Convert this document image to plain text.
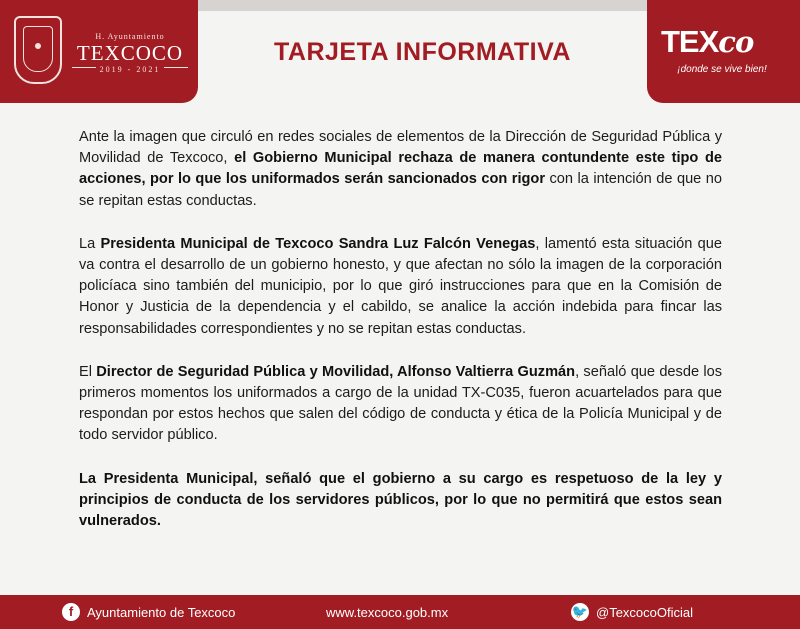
H. Ayuntamiento
TEXCOCO
2019 - 2021
TARJETA INFORMATIVA	TEXco
¡donde se vive bien!

Ante la imagen que circuló en redes sociales de elementos de la Dirección de Seguridad Pública y Movilidad de Texcoco, el Gobierno Municipal rechaza de manera contundente este tipo de acciones, por lo que los uniformados serán sancionados con rigor con la intención de que no se repitan estas conductas.

La Presidenta Municipal de Texcoco Sandra Luz Falcón Venegas, lamentó esta situación que va contra el desarrollo de un gobierno honesto, y que afectan no sólo la imagen de la corporación policíaca sino también del municipio, por lo que giró instrucciones para que en la Comisión de Honor y Justicia de la dependencia y el cabildo, se analice la acción indebida para fincar las responsabilidades correspondientes y no se repitan estas conductas.

El Director de Seguridad Pública y Movilidad, Alfonso Valtierra Guzmán, señaló que desde los primeros momentos los uniformados a cargo de la unidad TX-C035, fueron acuartelados para que respondan por estos hechos que salen del código de conducta y ética de la Policía Municipal y de todo servidor público.

La Presidenta Municipal, señaló que el gobierno a su cargo es respetuoso de la ley y principios de conducta de los servidores públicos, por lo que no permitirá que estos sean vulnerados.

f	Ayuntamiento de Texcoco	www.texcoco.gob.mx	🐦 @TexcocoOficial
